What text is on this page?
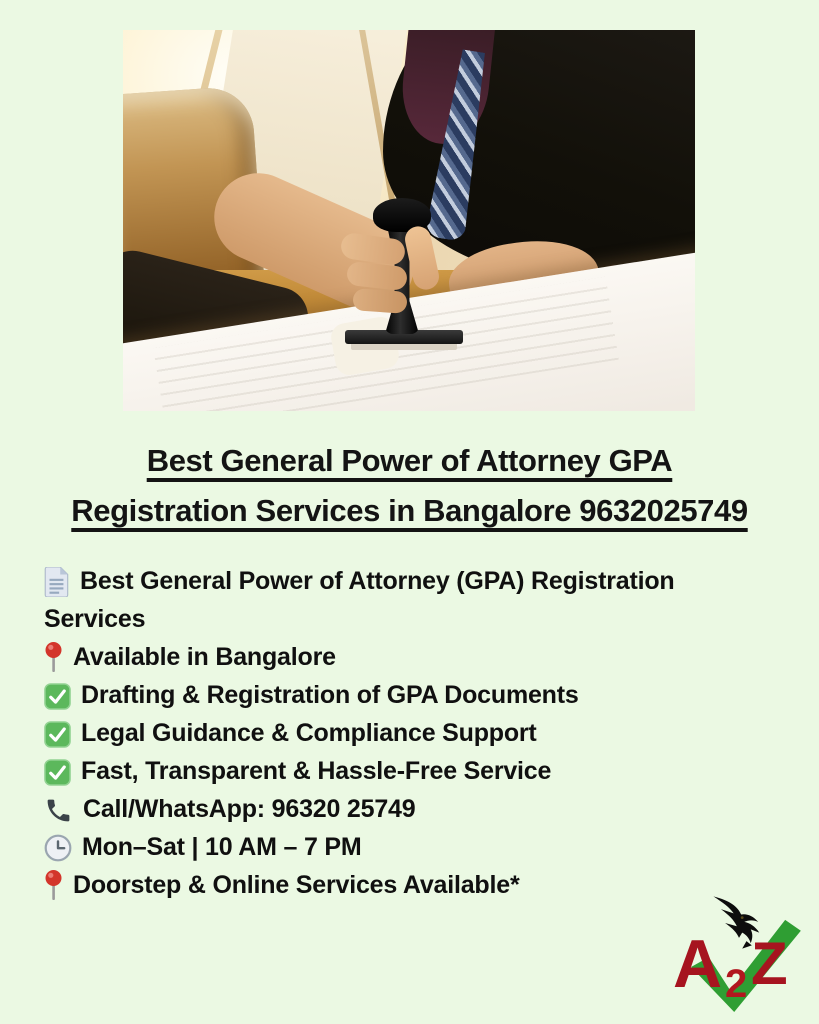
Best General Power of Attorney GPA
Registration Services in Bangalore 9632025749
Best General Power of Attorney (GPA) Registration Services
Available in Bangalore
Drafting & Registration of GPA Documents
Legal Guidance & Compliance Support
Fast, Transparent & Hassle-Free Service
Call/WhatsApp: 96320 25749
Mon–Sat | 10 AM – 7 PM
Doorstep & Online Services Available*
A 2 Z
